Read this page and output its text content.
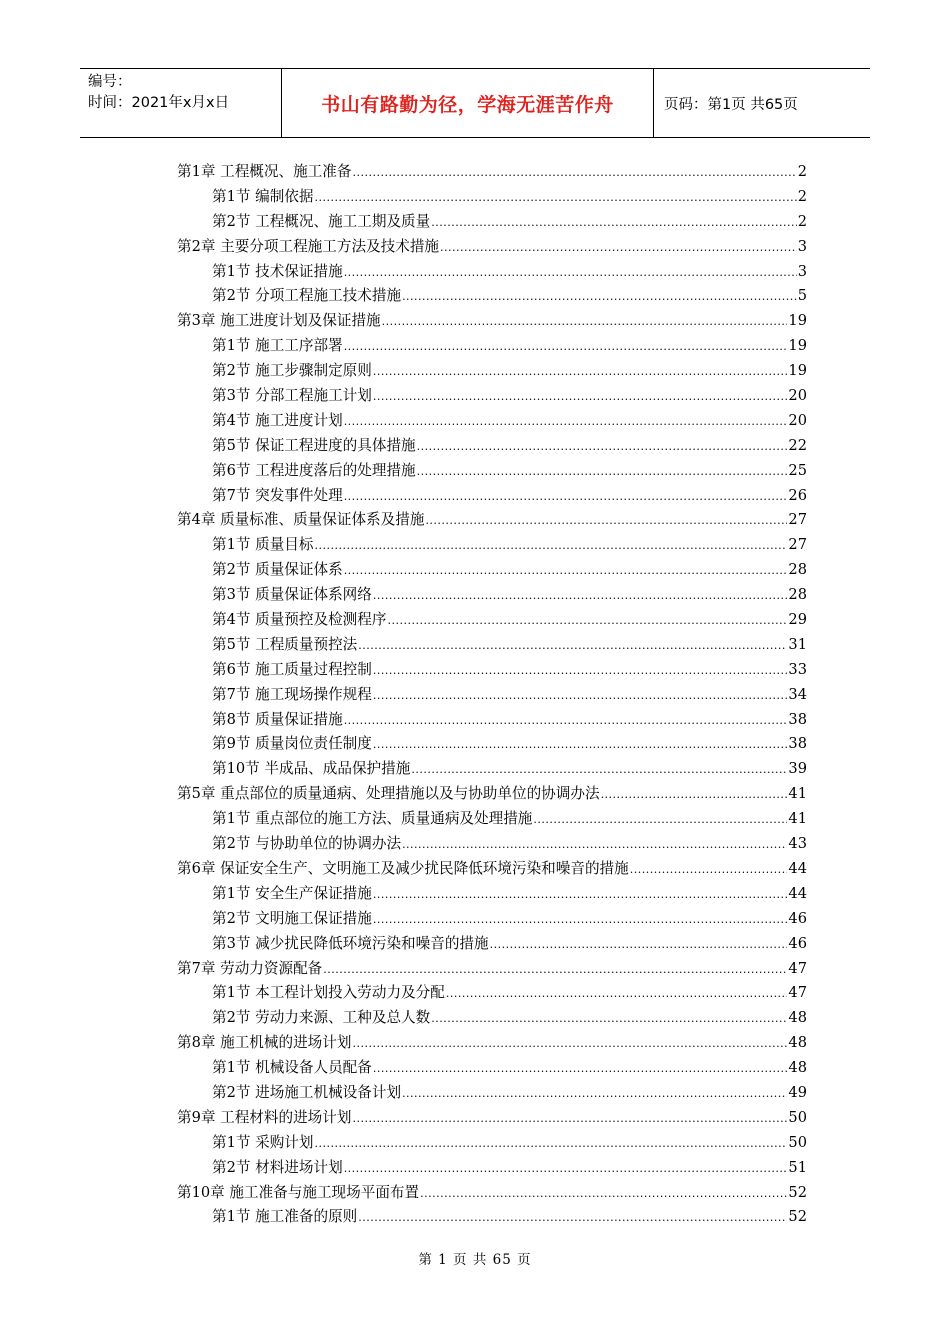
编号：
时间：2021年x月x日	书山有路勤为径，学海无涯苦作舟	页码：第1页 共65页
第1章 工程概况、施工准备 .....	2
第1节 编制依据 .....	2
第2节 工程概况、施工工期及质量 .....	2
第2章 主要分项工程施工方法及技术措施 .....	3
第1节 技术保证措施 .....	3
第2节 分项工程施工技术措施 .....	5
第3章 施工进度计划及保证措施 .....	19
第1节 施工工序部署 .....	19
第2节 施工步骤制定原则 .....	19
第3节 分部工程施工计划 .....	20
第4节 施工进度计划 .....	20
第5节 保证工程进度的具体措施 .....	22
第6节 工程进度落后的处理措施 .....	25
第7节 突发事件处理 .....	26
第4章 质量标准、质量保证体系及措施 .....	27
第1节 质量目标 .....	27
第2节 质量保证体系 .....	28
第3节 质量保证体系网络 .....	28
第4节 质量预控及检测程序 .....	29
第5节 工程质量预控法 .....	31
第6节 施工质量过程控制 .....	33
第7节 施工现场操作规程 .....	34
第8节 质量保证措施 .....	38
第9节 质量岗位责任制度 .....	38
第10节 半成品、成品保护措施 .....	39
第5章 重点部位的质量通病、处理措施以及与协助单位的协调办法 .....	41
第1节 重点部位的施工方法、质量通病及处理措施 .....	41
第2节 与协助单位的协调办法 .....	43
第6章 保证安全生产、文明施工及减少扰民降低环境污染和噪音的措施 .....	44
第1节 安全生产保证措施 .....	44
第2节 文明施工保证措施 .....	46
第3节 减少扰民降低环境污染和噪音的措施 .....	46
第7章 劳动力资源配备 .....	47
第1节 本工程计划投入劳动力及分配 .....	47
第2节 劳动力来源、工种及总人数 .....	48
第8章 施工机械的进场计划 .....	48
第1节 机械设备人员配备 .....	48
第2节 进场施工机械设备计划 .....	49
第9章 工程材料的进场计划 .....	50
第1节 采购计划 .....	50
第2节 材料进场计划 .....	51
第10章 施工准备与施工现场平面布置 .....	52
第1节 施工准备的原则 .....	52
第 1 页 共 65 页
